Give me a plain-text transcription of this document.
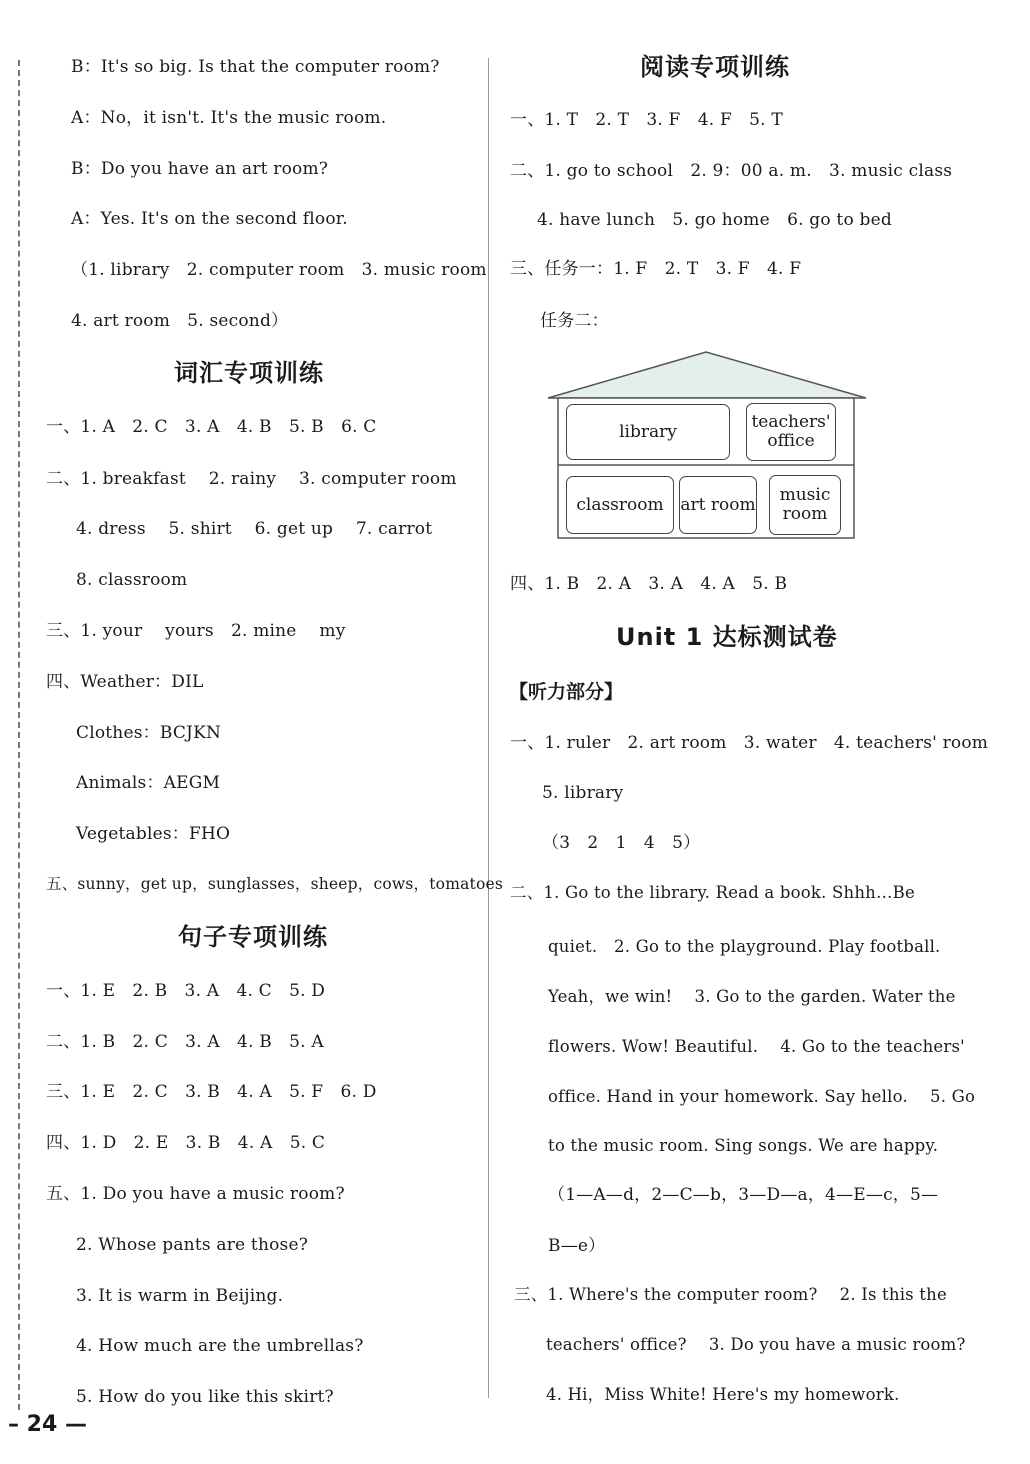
B：It's so big. Is that the computer room?
A：No，it isn't. It's the music room.
B：Do you have an art room?
A：Yes. It's on the second floor.
（1. library　2. computer room　3. music room
4. art room　5. second）
词汇专项训练
一、1. A　2. C　3. A　4. B　5. B　6. C
二、1. breakfast　 2. rainy　 3. computer room
4. dress　 5. shirt　 6. get up　 7. carrot
8. classroom
三、1. your　 yours　2. mine　 my
四、Weather：DIL
Clothes：BCJKN
Animals：AEGM
Vegetables：FHO
五、sunny，get up，sunglasses，sheep，cows，tomatoes
句子专项训练
一、1. E　2. B　3. A　4. C　5. D
二、1. B　2. C　3. A　4. B　5. A
三、1. E　2. C　3. B　4. A　5. F　6. D
四、1. D　2. E　3. B　4. A　5. C
五、1. Do you have a music room?
2. Whose pants are those?
3. It is warm in Beijing.
4. How much are the umbrellas?
5. How do you like this skirt?
– 24 —
阅读专项训练
一、1. T　2. T　3. F　4. F　5. T
二、1. go to school　2. 9：00 a. m.　3. music class
4. have lunch　5. go home　6. go to bed
三、任务一：1. F　2. T　3. F　4. F
任务二：
library	teachers' office
classroom art room	music room
四、1. B　2. A　3. A　4. A　5. B
Unit 1 达标测试卷
【听力部分】
一、1. ruler　2. art room　3. water　4. teachers' room
5. library
（3　2　1　4　5）
二、1. Go to the library. Read a book. Shhh…Be
quiet.　2. Go to the playground. Play football.
Yeah，we win!　 3. Go to the garden. Water the
flowers. Wow! Beautiful.　 4. Go to the teachers'
office. Hand in your homework. Say hello.　 5. Go
to the music room. Sing songs. We are happy.
（1—A—d，2—C—b，3—D—a，4—E—c，5—
B—e）
三、1. Where's the computer room?　 2. Is this the
teachers' office?　 3. Do you have a music room?
4. Hi，Miss White! Here's my homework.
